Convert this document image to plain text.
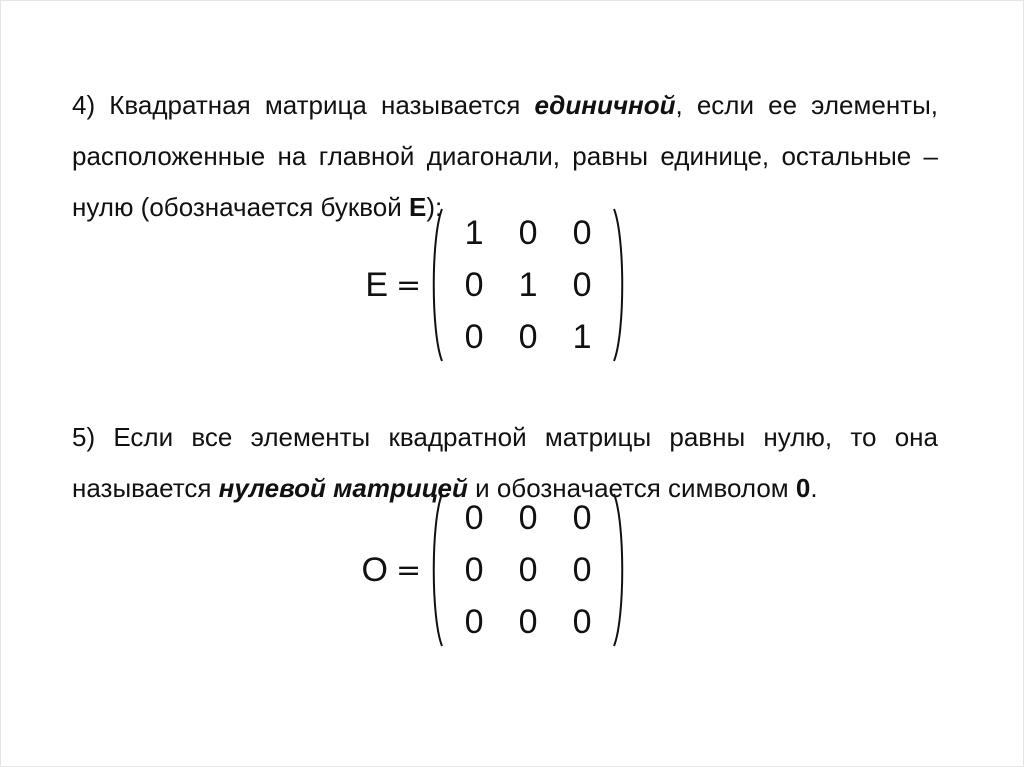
4) Квадратная матрица называется единичной, если ее элементы, расположенные на главной диагонали, равны единице, остальные – нулю (обозначается буквой E):

E =
1 0 0
0 1 0
0 0 1

5) Если все элементы квадратной матрицы равны нулю, то она называется нулевой матрицей и обозначается символом 0.

O =
0 0 0
0 0 0
0 0 0
